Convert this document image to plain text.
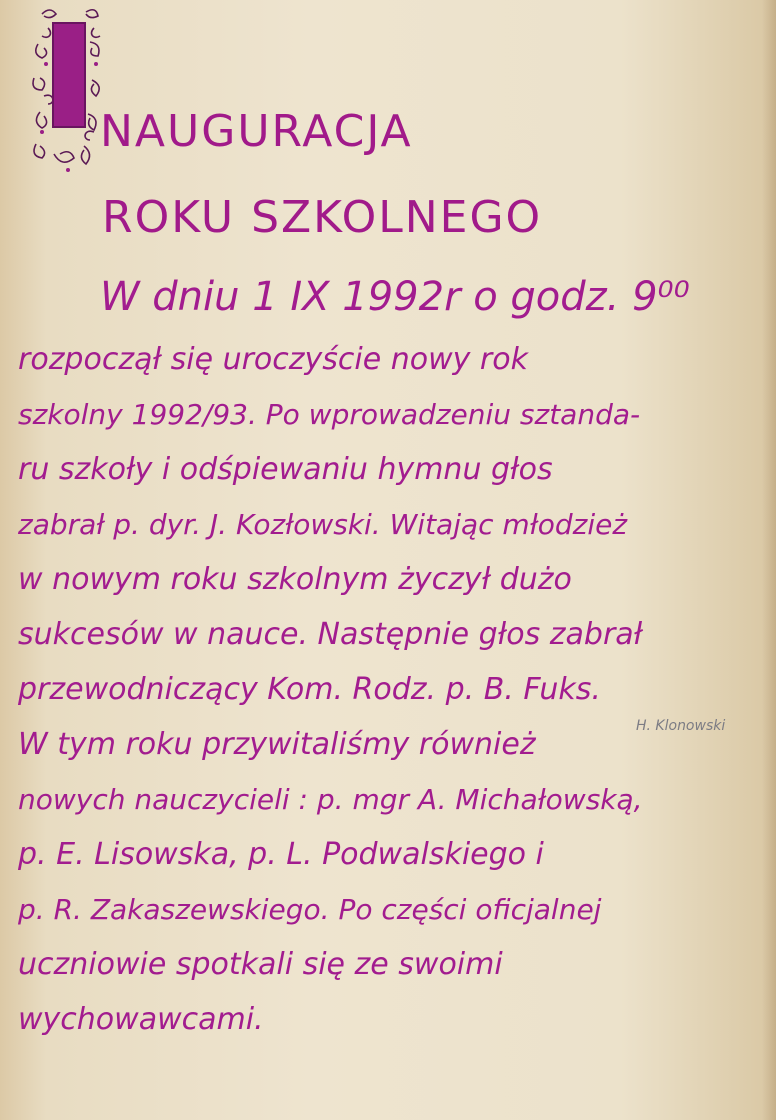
NAUGURACJA
ROKU SZKOLNEGO
W dniu 1 IX 1992r o godz. 9⁰⁰
rozpoczął się uroczyście nowy rok
szkolny 1992/93. Po wprowadzeniu sztanda-
ru szkoły i odśpiewaniu hymnu głos
zabrał p. dyr. J. Kozłowski. Witając młodzież
w nowym roku szkolnym życzył dużo
sukcesów w nauce. Następnie głos zabrał
przewodniczący Kom. Rodz. p. B. Fuks.
W tym roku przywitaliśmy również
nowych nauczycieli : p. mgr A. Michałowską,
p. E. Lisowska, p. L. Podwalskiego i
p. R. Zakaszewskiego. Po części oficjalnej
uczniowie spotkali się ze swoimi
wychowawcami.
H. Klonowski
